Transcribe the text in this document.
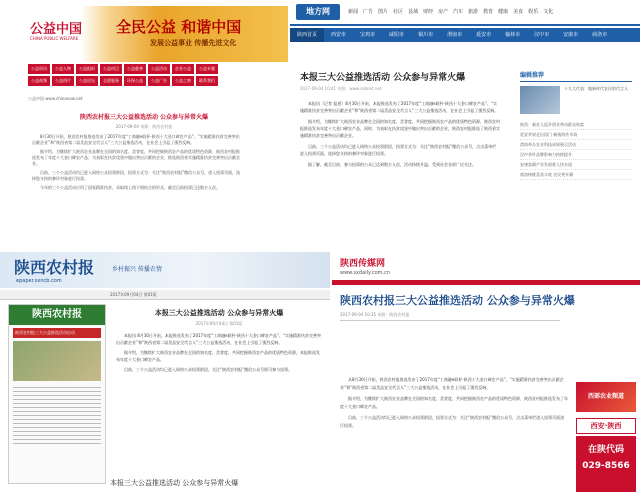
公益中国
CHINA PUBLIC WELFARE
全民公益 和谐中国
发展公益事业 传播先进文化
公益资讯	公益人物	公益组织	公益项目	公益慈善	公益活动	企业公益	公益专题
公益视频	公益图片	公益论坛	志愿服务	环保公益	公益广告	公益之窗	联系我们
公益中国 www.chinanow.net
陕西农村报三大公益推选活动 公众参与异常火爆
2017-09-04 来源：陕西农村报

8月30日开始，陕西农村报推选发布了2017年度“工商融e联杯·陕西十大金口碑农产品”、“实施精准扶贫完善突出贡献企业”和“陕西省第二届美品安全代言人”三大公益推选活动，在社会上引起了强烈反响。

据介绍，为继续扩大陕西农业品牌在全国的知名度、美誉度，共同挖掘陕西农产品的优质特色资源，陕西农村报推选发布了年度十大金口碑农产品；为表彰在扶贫攻坚中做出突出贡献的企业，推选陕西省实施精准扶贫完善突出贡献企业。

目前，三个公益活动均已进入网络公众投票阶段，投票方式为：关注“陕西农村报”微信公众号，进入投票页面，选择您支持的参评对象进行投票。

今年的三个公益活动应用了国家精准扶贫，采取线上线下相结合的形式，截至目前投票已达数万人次。

地方网	新闻 广告 图片 社区 县域 财经 房产 汽车 旅游 教育 健康 美食 娱乐 文化
陕西首页	西安市	宝鸡市	咸阳市	铜川市	渭南市	延安市	榆林市	汉中市	安康市	商洛市
本报三大公益推选活动 公众参与异常火爆
2017-09-04 10:41 来源：www.sxbnet.net

本报讯（记者 报道）8月30日开始，本报推选发布了2017年度“工商融e联杯·陕西十大金口碑农产品”、“实施精准扶贫完善突出贡献企业”和“陕西省第二届美品安全代言人”三大公益推选活动，在社会上引起了强烈反响。

据介绍，为继续扩大陕西农业品牌在全国的知名度，美誉度，共同挖掘陕西农产品的优质特色资源，陕西农村报推选发布年度十大金口碑农产品，同时，为表彰在扶贫攻坚中做出突出贡献的企业，陕西农村报推选了陕西省实施精准扶贫完善突出贡献企业。

目前，三个公益活动均已进入网络公众投票阶段，投票方式为：关注“陕西农村报”微信公众号，点击菜单栏进入投票页面，选择您支持的参评对象进行投票。

据了解，截至目前，参与投票的公众已达到数万人次，活动持续升温，受到社会各界广泛关注。

编辑推荐
十九大代表：做新时代农民的代言人
陕西：新农人返乡创业带动群众致富
延安苹果走出国门 畅销海外市场
渭南举办农业科技成果展示活动
汉中茶叶品牌影响力持续提升
安康富硒产业发展驶入快车道
商洛核桃喜获丰收 农民笑开颜
陕西农村报	乡村振兴 传播农情
epaper.sxncb.com
2017年09月04日 第01版
陕西农村报
陕西农村报三大公益推选活动启动
本报三大公益推选活动 公众参与异常火爆
2017年09月04日 第01版

本报讯 8月30日开始，本报推选发布了2017年度“工商融e联杯·陕西十大金口碑农产品”、“实施精准扶贫完善突出贡献企业”和“陕西省第二届美品安全代言人”三大公益推选活动，在社会上引起了强烈反响。

据介绍，为继续扩大陕西农业品牌在全国的知名度，美誉度，共同挖掘陕西农产品的优质特色资源，本报推选发布年度十大金口碑农产品。

目前，三个公益活动均已进入网络公众投票阶段，关注“陕西农村报”微信公众号即可参与投票。

本报三大公益推选活动 公众参与异常火爆
陕西传媒网
www.sxdaily.com.cn
陕西农村报三大公益推选活动 公众参与异常火爆
2017-09-04 10:35 来源：陕西农村报

从8月30日开始，陕西农村报推选发布了2017年度“工商融e联杯·陕西十大金口碑农产品”、“实施精准扶贫完善突出贡献企业”和“陕西省第二届美品安全代言人”三大公益推选活动，在社会上引起了强烈反响。

据介绍，为继续扩大陕西农业品牌在全国的知名度，美誉度，共同挖掘陕西农产品的优质特色资源，陕西农村报推选发布了年度十大金口碑农产品。

目前，三个公益活动均已进入网络公众投票阶段，投票方式为：关注“陕西农村报”微信公众号，点击菜单栏进入投票页面进行投票。

西部农业频道
西安·陕西
在陕代码
029-8566
